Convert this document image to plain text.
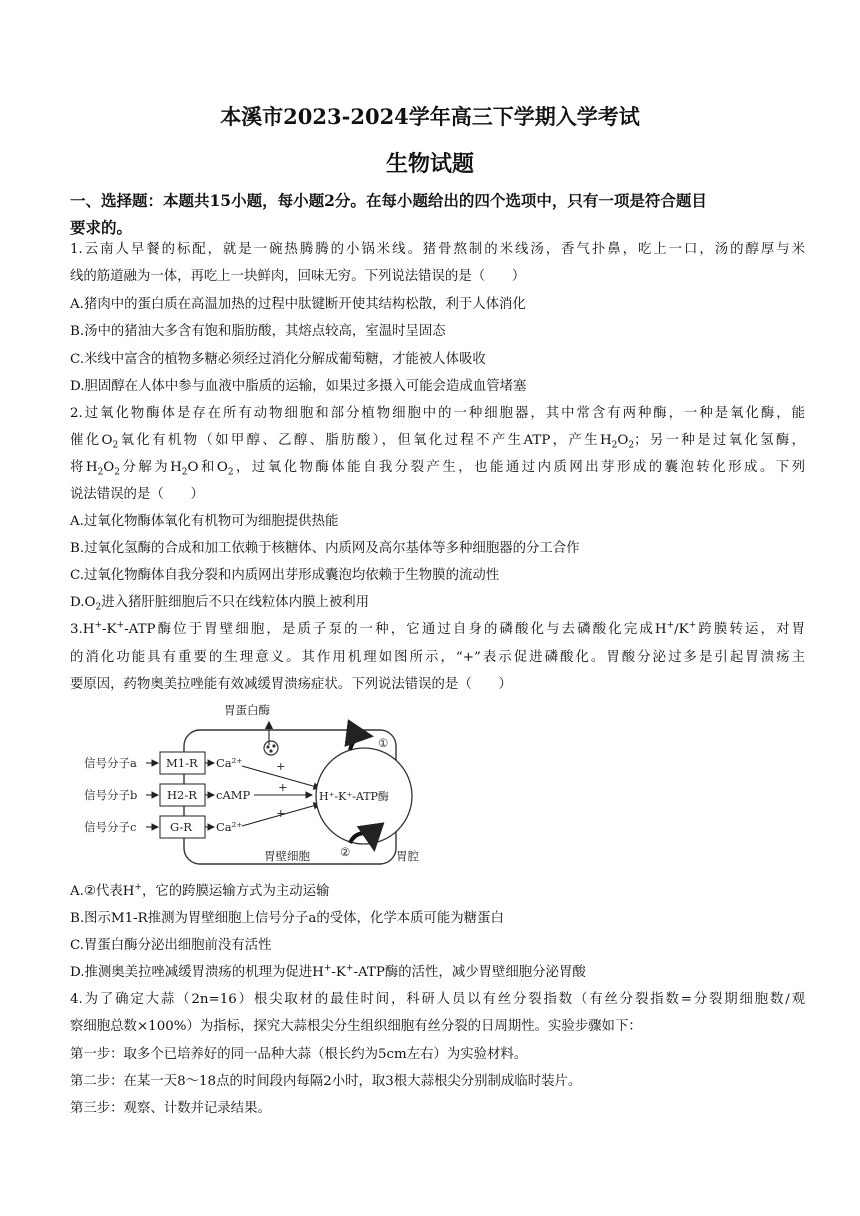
本溪市2023-2024学年高三下学期入学考试
生物试题
一、选择题：本题共15小题，每小题2分。在每小题给出的四个选项中，只有一项是符合题目
要求的。
1.云南人早餐的标配，就是一碗热腾腾的小锅米线。猪骨熬制的米线汤，香气扑鼻，吃上一口，汤的醇厚与米
线的筋道融为一体，再吃上一块鲜肉，回味无穷。下列说法错误的是（　　）
A.猪肉中的蛋白质在高温加热的过程中肽键断开使其结构松散，利于人体消化
B.汤中的猪油大多含有饱和脂肪酸，其熔点较高，室温时呈固态
C.米线中富含的植物多糖必须经过消化分解成葡萄糖，才能被人体吸收
D.胆固醇在人体中参与血液中脂质的运输，如果过多摄入可能会造成血管堵塞
2.过氧化物酶体是存在所有动物细胞和部分植物细胞中的一种细胞器，其中常含有两种酶，一种是氧化酶，能
催化$O_2$氧化有机物（如甲醇、乙醇、脂肪酸），但氧化过程不产生ATP，产生$H_2O_2$；另一种是过氧化氢酶，
将$H_2O_2$分解为$H_2O$和$O_2$，过氧化物酶体能自我分裂产生，也能通过内质网出芽形成的囊泡转化形成。下列
说法错误的是（　　）
A.过氧化物酶体氧化有机物可为细胞提供热能
B.过氧化氢酶的合成和加工依赖于核糖体、内质网及高尔基体等多种细胞器的分工合作
C.过氧化物酶体自我分裂和内质网出芽形成囊泡均依赖于生物膜的流动性
$D.O_2$进入猪肝脏细胞后不只在线粒体内膜上被利用
3.H+-K+-ATP酶位于胃壁细胞，是质子泵的一种，它通过自身的磷酸化与去磷酸化完成H+/K+跨膜转运，对胃
的消化功能具有重要的生理意义。其作用机理如图所示，“+”表示促进磷酸化。胃酸分泌过多是引起胃溃疡主
要原因，药物奥美拉唑能有效减缓胃溃疡症状。下列说法错误的是（　　）
胃蛋白酶
信号分子a	M1-R Ca²⁺	+
信号分子b	H2-R cAMP
+
信号分子c	G-R Ca²⁺
+
H⁺-K⁺-ATP酶
①
②
胃壁细胞	胃腔
A.②代表H+，它的跨膜运输方式为主动运输
B.图示M1-R推测为胃壁细胞上信号分子a的受体，化学本质可能为糖蛋白
C.胃蛋白酶分泌出细胞前没有活性
D.推测奥美拉唑减缓胃溃疡的机理为促进H+-K+-ATP酶的活性，减少胃壁细胞分泌胃酸
4.为了确定大蒜（2n=16）根尖取材的最佳时间，科研人员以有丝分裂指数（有丝分裂指数=分裂期细胞数/观
察细胞总数×100%）为指标，探究大蒜根尖分生组织细胞有丝分裂的日周期性。实验步骤如下：
第一步：取多个已培养好的同一品种大蒜（根长约为5cm左右）为实验材料。
第二步：在某一天8～18点的时间段内每隔2小时，取3根大蒜根尖分别制成临时装片。
第三步：观察、计数并记录结果。
